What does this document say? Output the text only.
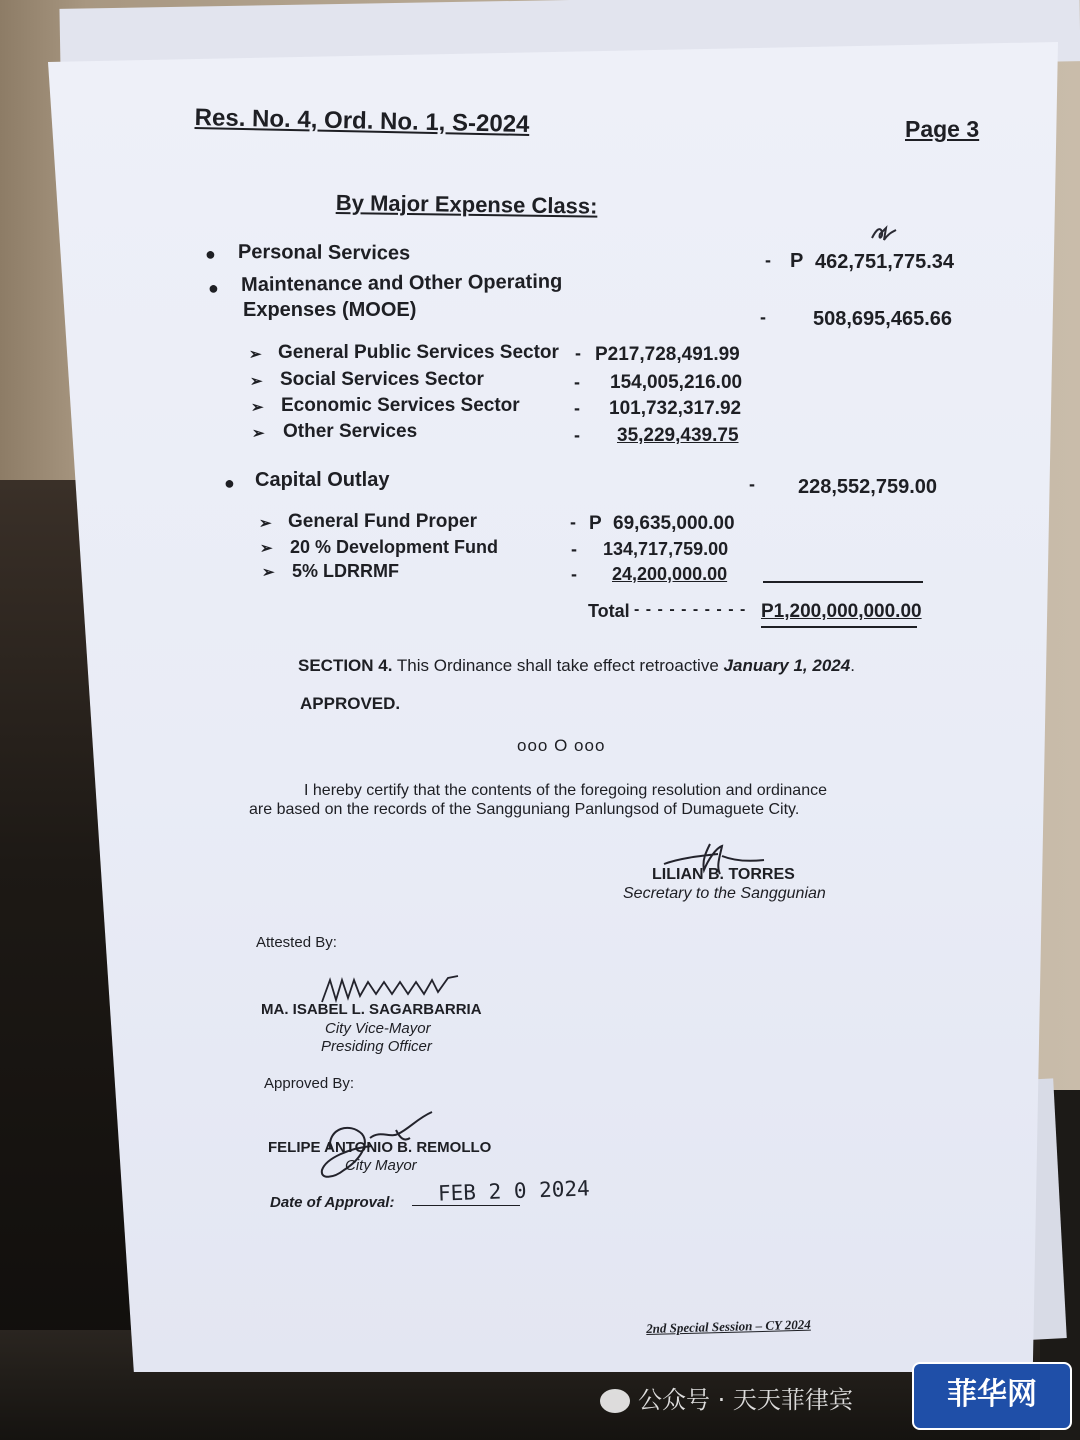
Res. No. 4, Ord. No. 1, S-2024	Page 3
By Major Expense Class:
● Personal Services	- P 462,751,775.34
● Maintenance and Other Operating
Expenses (MOOE)	- 508,695,465.66
➢ General Public Services Sector - P217,728,491.99
➢ Social Services Sector	- 154,005,216.00
➢ Economic Services Sector	- 101,732,317.92
➢ Other Services	-	35,229,439.75
● Capital Outlay	- 228,552,759.00
➢ General Fund Proper	- P 69,635,000.00
➢ 20 % Development Fund	- 134,717,759.00
➢ 5% LDRRMF	-	24,200,000.00
Total - - - - - - - - - - P1,200,000,000.00
SECTION 4. This Ordinance shall take effect retroactive January 1, 2024.
APPROVED.
ooo O ooo
I hereby certify that the contents of the foregoing resolution and ordinance
are based on the records of the Sangguniang Panlungsod of Dumaguete City.
LILIAN B. TORRES
Secretary to the Sanggunian
Attested By:
MA. ISABEL L. SAGARBARRIA
City Vice-Mayor
Presiding Officer
Approved By:
FELIPE ANTONIO B. REMOLLO
City Mayor
Date of Approval: FEB 2 0 2024
2nd Special Session – CY 2024
公众号 · 天天菲律宾	菲华网
